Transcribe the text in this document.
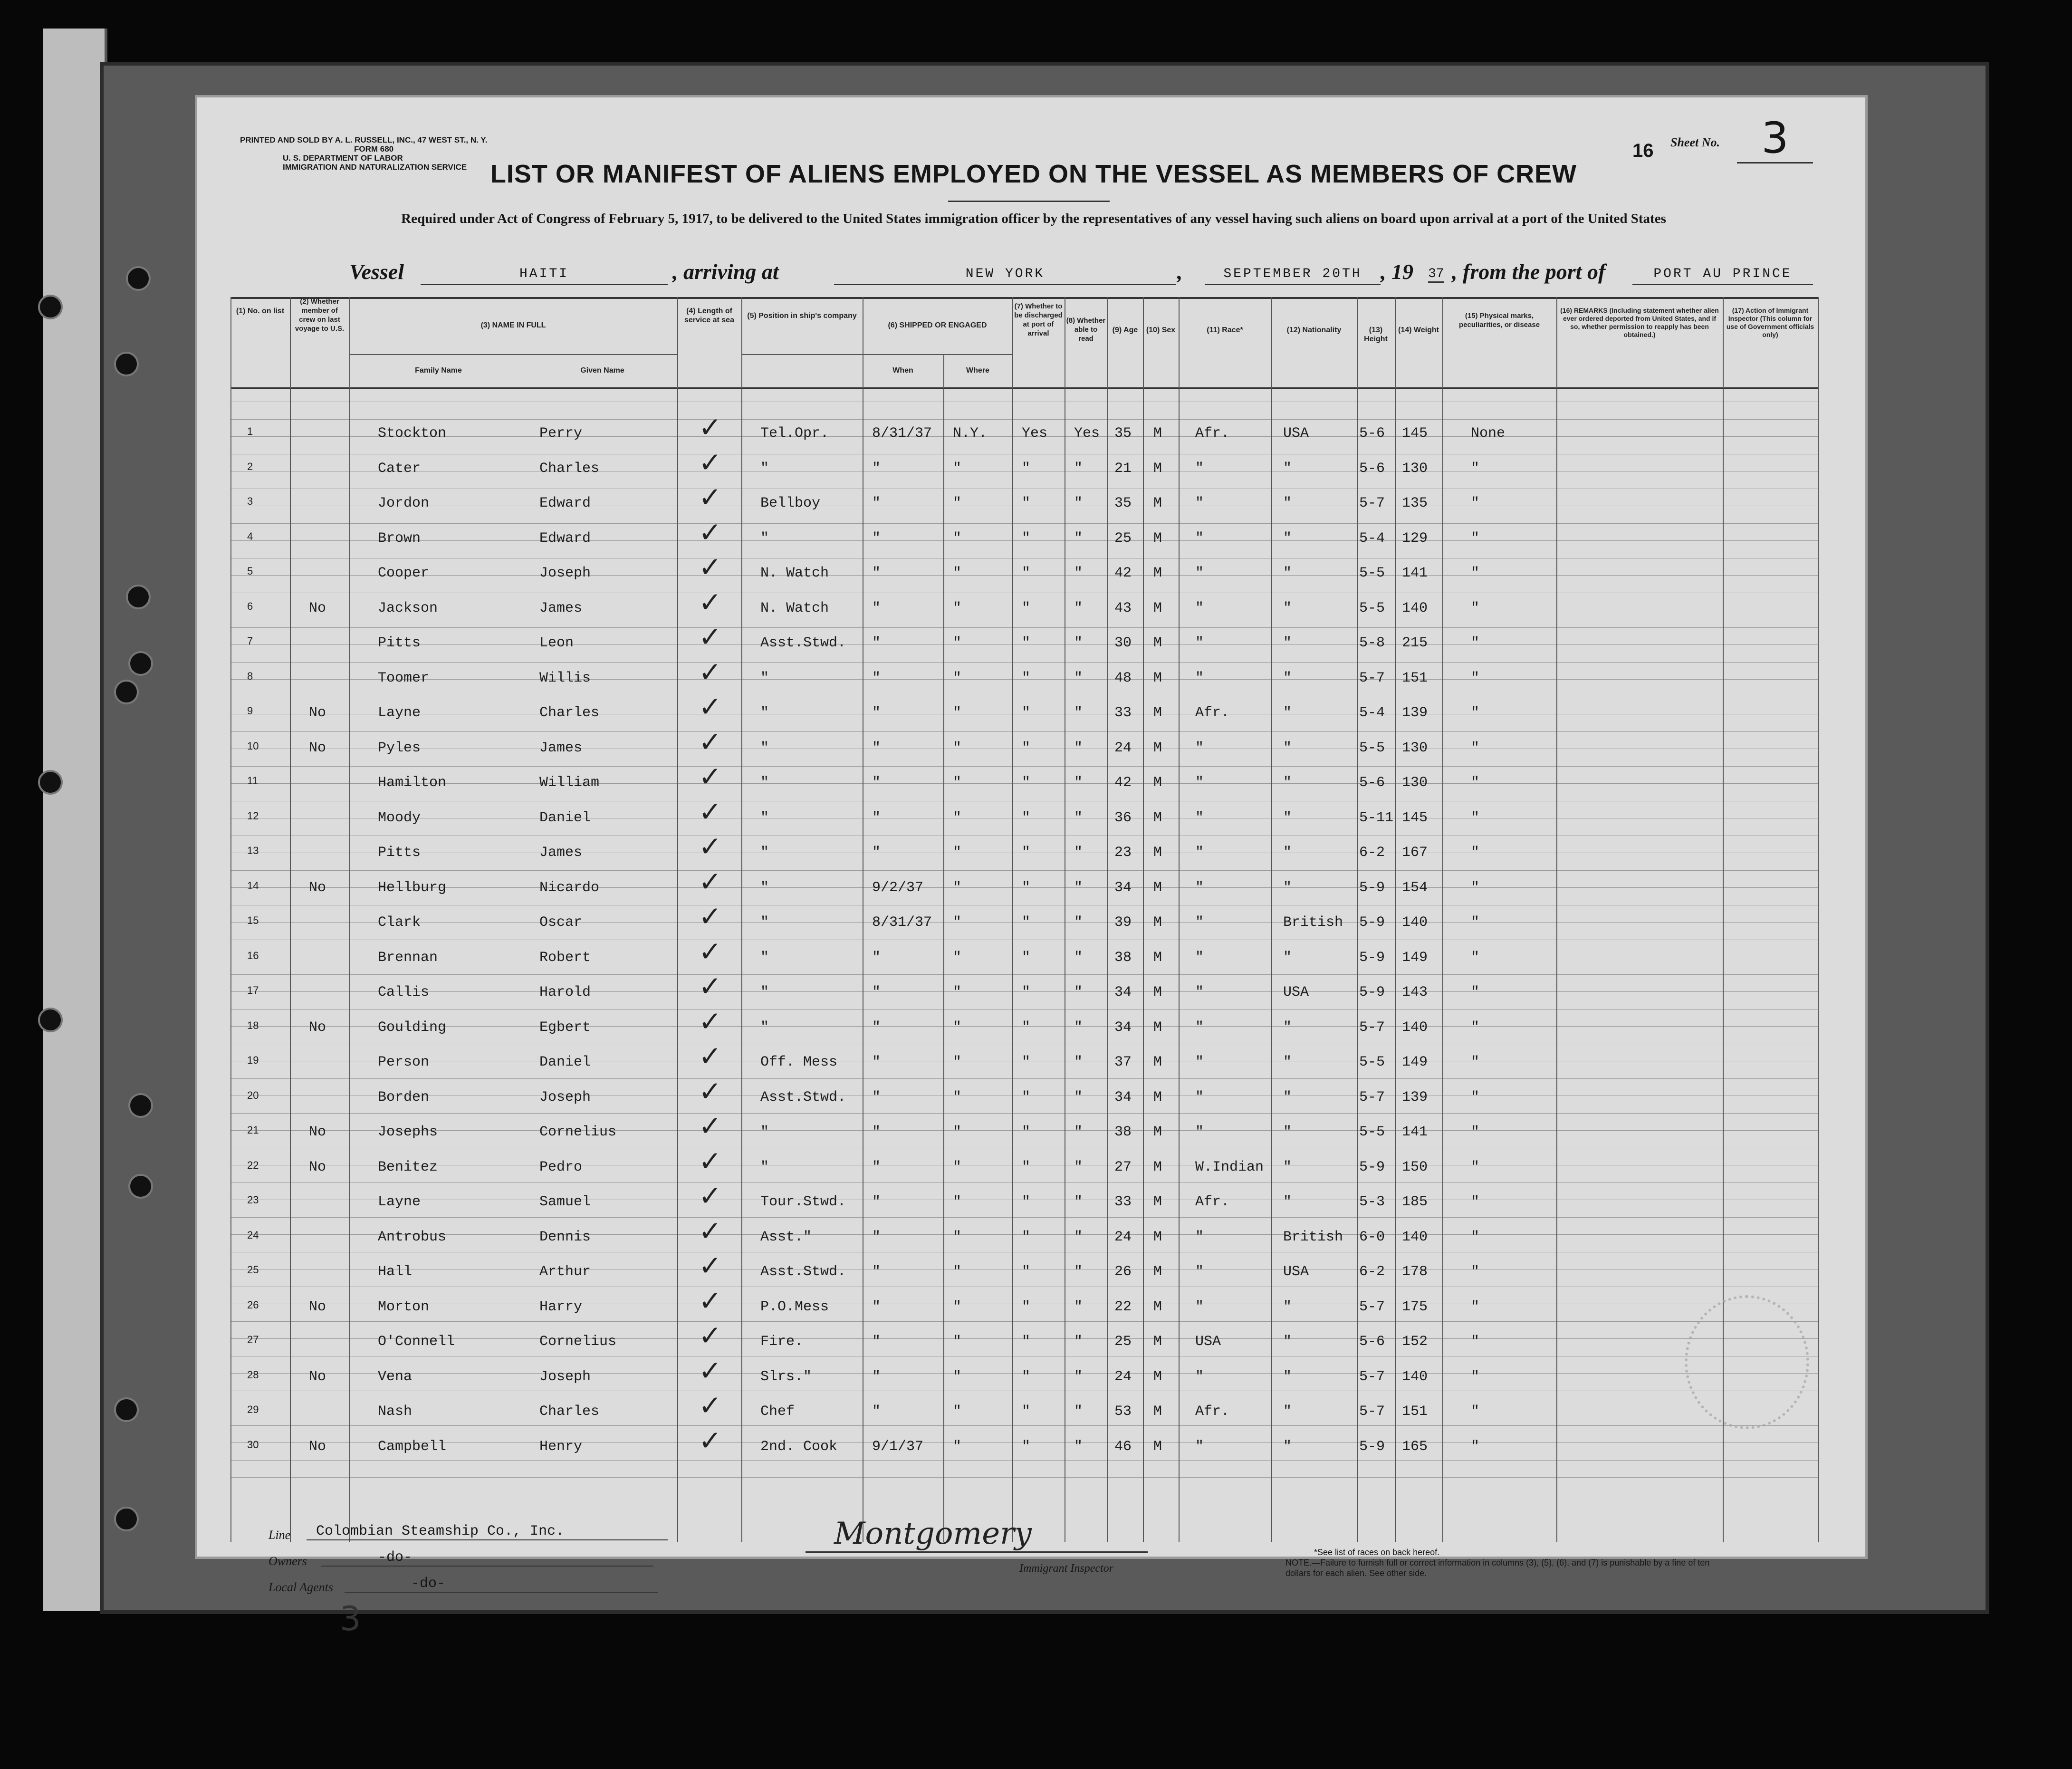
PRINTED AND SOLD BY A. L. RUSSELL, INC., 47 WEST ST., N. Y.
FORM 680
U. S. DEPARTMENT OF LABOR
IMMIGRATION AND NATURALIZATION SERVICE
16 Sheet No. 3
LIST OR MANIFEST OF ALIENS EMPLOYED ON THE VESSEL AS MEMBERS OF CREW
Required under Act of Congress of February 5, 1917, to be delivered to the United States immigration officer by the representatives of any vessel having such aliens on board upon arrival at a port of the United States
Vessel	HAITI	, arriving at	NEW YORK	,	SEPTEMBER 20TH , 19 37 , from the port of	PORT AU PRINCE
(1) No. on list
(2) Whether member of crew on last voyage to U.S.	(3) NAME IN FULL
Family Name	Given Name
(4) Length of service at sea
(5) Position in ship's company
(6) SHIPPED OR ENGAGED
When	Where
(7) Whether to be discharged at port of arrival
(8) Whether able to read
(9) Age	(10) Sex	(11) Race*	(12) Nationality	(13) Height
(14) Weight
(15) Physical marks, peculiarities, or disease
(16) REMARKS (Including statement whether alien ever ordered deported from United States, and if so, whether permission to reapply has been obtained.)
(17) Action of Immigrant Inspector (This column for use of Government officials only)
1	Stockton	Perry	Tel.Opr.	8/31/37 N.Y. Yes Yes 35 M Afr.	USA	5-6 145	None
✓
2	Cater	Charles	"	"	"	"	" 21 M "	"	5-6 130	"
✓
3	Jordon	Edward	Bellboy	"	"	"	" 35 M "	"	5-7 135	"
✓
4	Brown	Edward	"	"	"	"	" 25 M "	"	5-4 129	"
✓
5	Cooper	Joseph	N. Watch	"	"	"	" 42 M "	"	5-5 141	"
✓
6	No	Jackson	James	N. Watch	"	"	"	" 43 M "	"	5-5 140	"
✓
7	Pitts	Leon	Asst.Stwd. "	"	"	" 30 M "	"	5-8 215	"
✓
8	Toomer	Willis	"	"	"	"	" 48 M "	"	5-7 151	"
✓
9	No	Layne	Charles	"	"	"	"	" 33 M Afr.	"	5-4 139	"
✓
10	No	Pyles	James	"	"	"	"	" 24 M "	"	5-5 130	"
✓
11	Hamilton	William	"	"	"	"	" 42 M "	"	5-6 130	"
✓
12	Moody	Daniel	"	"	"	"	" 36 M "	"	5-11 145	"
✓
13	Pitts	James	"	"	"	"	" 23 M "	"	6-2 167	"
✓
14	No	Hellburg	Nicardo	"	9/2/37 "	"	" 34 M "	"	5-9 154	"
✓
15	Clark	Oscar	"	8/31/37 "	"	" 39 M "	British 5-9 140	"
✓
16	Brennan	Robert	"	"	"	"	" 38 M "	"	5-9 149	"
✓
17	Callis	Harold	"	"	"	"	" 34 M "	USA	5-9 143	"
✓
18	No	Goulding	Egbert	"	"	"	"	" 34 M "	"	5-7 140	"
✓
19	Person	Daniel	Off. Mess "	"	"	" 37 M "	"	5-5 149	"
✓
20	Borden	Joseph	Asst.Stwd. "	"	"	" 34 M "	"	5-7 139	"
✓
21	No	Josephs	Cornelius	"	"	"	"	" 38 M "	"	5-5 141	"
✓
22	No	Benitez	Pedro	"	"	"	"	" 27 M W.Indian "	5-9 150	"
✓
23	Layne	Samuel	Tour.Stwd. "	"	"	" 33 M Afr.	"	5-3 185	"
✓
24	Antrobus	Dennis	Asst."	"	"	"	" 24 M "	British 6-0 140	"
✓
25	Hall	Arthur	Asst.Stwd. "	"	"	" 26 M "	USA	6-2 178	"
✓
26	No	Morton	Harry	P.O.Mess	"	"	"	" 22 M "	"	5-7 175	"
✓
27	O'Connell	Cornelius	Fire.	"	"	"	" 25 M USA	"	5-6 152	"
✓
28	No	Vena	Joseph	Slrs."	"	"	"	" 24 M "	"	5-7 140	"
✓
29	Nash	Charles	Chef	"	"	"	" 53 M Afr.	"	5-7 151	"
✓
30	No	Campbell	Henry	2nd. Cook 9/1/37 "	"	" 46 M "	"	5-9 165	"
✓
Line	Colombian Steamship Co., Inc.
Owners	-do-
Local Agents	-do-
Montgomery
Immigrant Inspector
*See list of races on back hereof.
NOTE.—Failure to furnish full or correct information in columns (3), (5), (6), and (7) is punishable by a fine of ten dollars for each alien. See other side.
3
